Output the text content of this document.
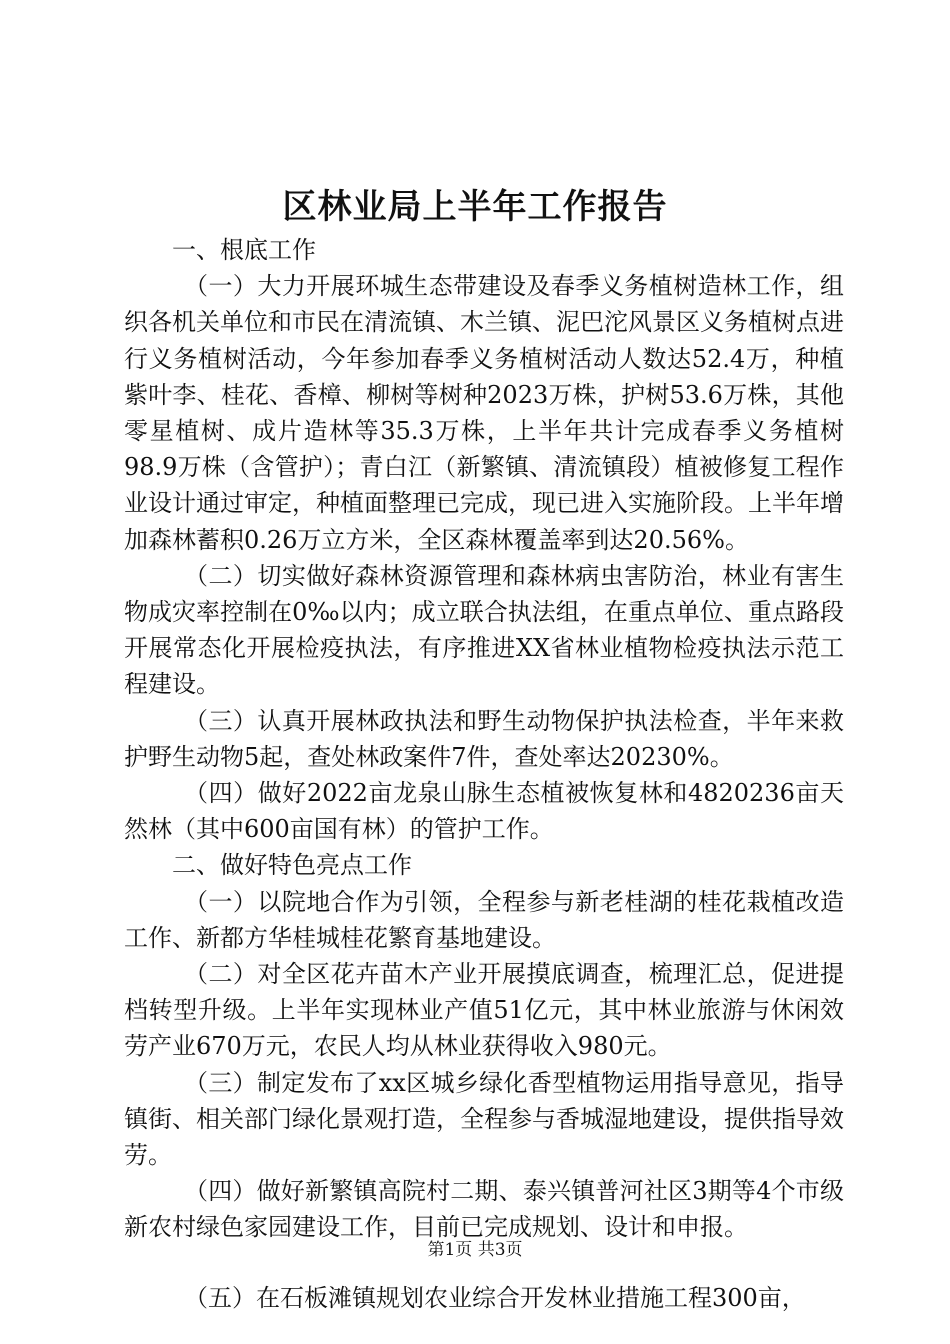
区林业局上半年工作报告

一、根底工作

（一）大力开展环城生态带建设及春季义务植树造林工作，组织各机关单位和市民在清流镇、木兰镇、泥巴沱风景区义务植树点进行义务植树活动，今年参加春季义务植树活动人数达52.4万，种植紫叶李、桂花、香樟、柳树等树种2023万株，护树53.6万株，其他零星植树、成片造林等35.3万株，上半年共计完成春季义务植树98.9万株（含管护）；青白江（新繁镇、清流镇段）植被修复工程作业设计通过审定，种植面整理已完成，现已进入实施阶段。上半年增加森林蓄积0.26万立方米，全区森林覆盖率到达20.56%。

（二）切实做好森林资源管理和森林病虫害防治，林业有害生物成灾率控制在0‰以内；成立联合执法组，在重点单位、重点路段开展常态化开展检疫执法，有序推进XX省林业植物检疫执法示范工程建设。

（三）认真开展林政执法和野生动物保护执法检查，半年来救护野生动物5起，查处林政案件7件，查处率达20230%。

（四）做好2022亩龙泉山脉生态植被恢复林和4820236亩天然林（其中600亩国有林）的管护工作。

二、做好特色亮点工作

（一）以院地合作为引领，全程参与新老桂湖的桂花栽植改造工作、新都方华桂城桂花繁育基地建设。

（二）对全区花卉苗木产业开展摸底调查，梳理汇总，促进提档转型升级。上半年实现林业产值51亿元，其中林业旅游与休闲效劳产业670万元，农民人均从林业获得收入980元。

（三）制定发布了xx区城乡绿化香型植物运用指导意见，指导镇街、相关部门绿化景观打造，全程参与香城湿地建设，提供指导效劳。

（四）做好新繁镇高院村二期、泰兴镇普河社区3期等4个市级新农村绿色家园建设工作，目前已完成规划、设计和申报。

（五）在石板滩镇规划农业综合开发林业措施工程300亩，

第1页 共3页
